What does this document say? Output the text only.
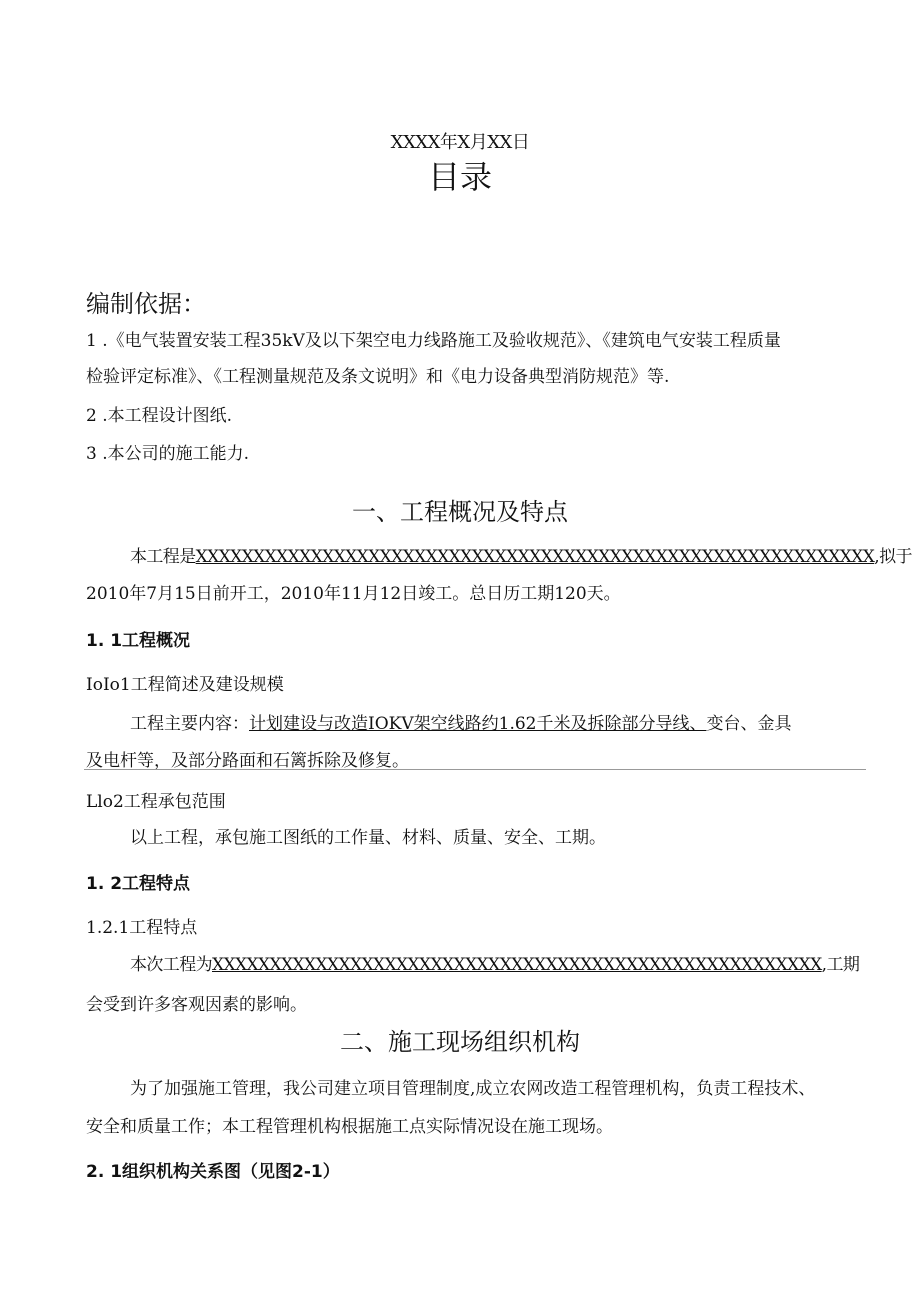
XXXX年X月XX日
目录
编制依据：
1 .《电气装置安装工程35kV及以下架空电力线路施工及验收规范》、《建筑电气安装工程质量
检验评定标准》、《工程测量规范及条文说明》和《电力设备典型消防规范》等.
2 .本工程设计图纸.
3 .本公司的施工能力.
一、工程概况及特点
本工程是XXXXXXXXXXXXXXXXXXXXXXXXXXXXXXXXXXXXXXXXXXXXXXXXXXXXXXXXXXX,拟于
2010年7月15日前开工，2010年11月12日竣工。总日历工期120天。
1. 1工程概况
IoIo1工程简述及建设规模
工程主要内容：计划建设与改造IOKV架空线路约1.62千米及拆除部分导线、变台、金具
及电杆等，及部分路面和石篱拆除及修复。
Llo2工程承包范围
以上工程，承包施工图纸的工作量、材料、质量、安全、工期。
1. 2工程特点
1.2.1工程特点
本次工程为XXXXXXXXXXXXXXXXXXXXXXXXXXXXXXXXXXXXXXXXXXXXXXXXXXXXX,工期
会受到许多客观因素的影响。
二、施工现场组织机构
为了加强施工管理，我公司建立项目管理制度,成立农网改造工程管理机构，负责工程技术、
安全和质量工作；本工程管理机构根据施工点实际情况设在施工现场。
2. 1组织机构关系图（见图2-1）
